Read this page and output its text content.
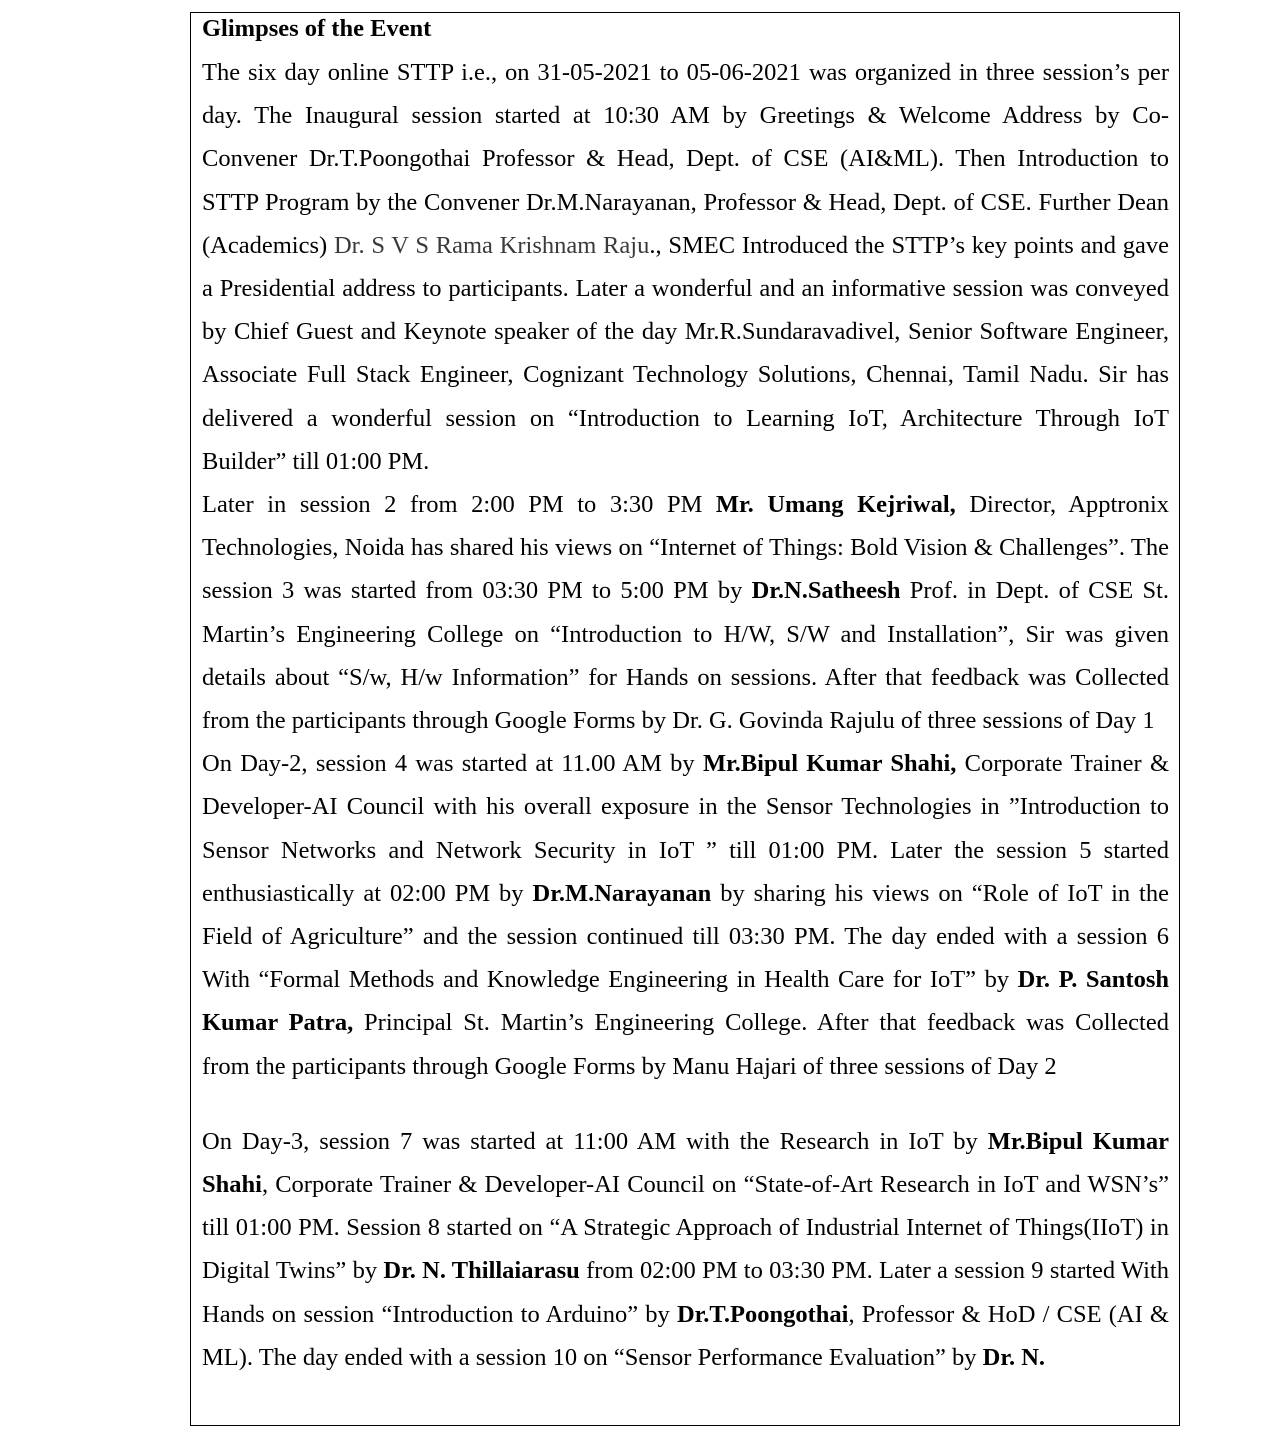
Glimpses of the Event

The six day online STTP i.e., on 31-05-2021 to 05-06-2021 was organized in three session’s per day. The Inaugural session started at 10:30 AM by Greetings & Welcome Address by Co-Convener Dr.T.Poongothai Professor & Head, Dept. of CSE (AI&ML). Then Introduction to STTP Program by the Convener Dr.M.Narayanan, Professor & Head, Dept. of CSE. Further Dean (Academics) Dr. S V S Rama Krishnam Raju., SMEC Introduced the STTP’s key points and gave a Presidential address to participants. Later a wonderful and an informative session was conveyed by Chief Guest and Keynote speaker of the day Mr.R.Sundaravadivel, Senior Software Engineer, Associate Full Stack Engineer, Cognizant Technology Solutions, Chennai, Tamil Nadu. Sir has delivered a wonderful session on “Introduction to Learning IoT, Architecture Through IoT Builder” till 01:00 PM.

Later in session 2 from 2:00 PM to 3:30 PM Mr. Umang Kejriwal, Director, Apptronix Technologies, Noida has shared his views on “Internet of Things: Bold Vision & Challenges”. The session 3 was started from 03:30 PM to 5:00 PM by Dr.N.Satheesh Prof. in Dept. of CSE St. Martin’s Engineering College on “Introduction to H/W, S/W and Installation”, Sir was given details about “S/w, H/w Information” for Hands on sessions. After that feedback was Collected from the participants through Google Forms by Dr. G. Govinda Rajulu of three sessions of Day 1

On Day-2, session 4 was started at 11.00 AM by Mr.Bipul Kumar Shahi, Corporate Trainer & Developer-AI Council with his overall exposure in the Sensor Technologies in ”Introduction to Sensor Networks and Network Security in IoT ” till 01:00 PM. Later the session 5 started enthusiastically at 02:00 PM by Dr.M.Narayanan by sharing his views on “Role of IoT in the Field of Agriculture” and the session continued till 03:30 PM. The day ended with a session 6 With “Formal Methods and Knowledge Engineering in Health Care for IoT” by Dr. P. Santosh Kumar Patra, Principal St. Martin’s Engineering College. After that feedback was Collected from the participants through Google Forms by Manu Hajari of three sessions of Day 2

On Day-3, session 7 was started at 11:00 AM with the Research in IoT by Mr.Bipul Kumar Shahi, Corporate Trainer & Developer-AI Council on “State-of-Art Research in IoT and WSN’s” till 01:00 PM. Session 8 started on “A Strategic Approach of Industrial Internet of Things(IIoT) in Digital Twins” by Dr. N. Thillaiarasu from 02:00 PM to 03:30 PM. Later a session 9 started With Hands on session “Introduction to Arduino” by Dr.T.Poongothai, Professor & HoD / CSE (AI & ML). The day ended with a session 10 on “Sensor Performance Evaluation” by Dr. N.
